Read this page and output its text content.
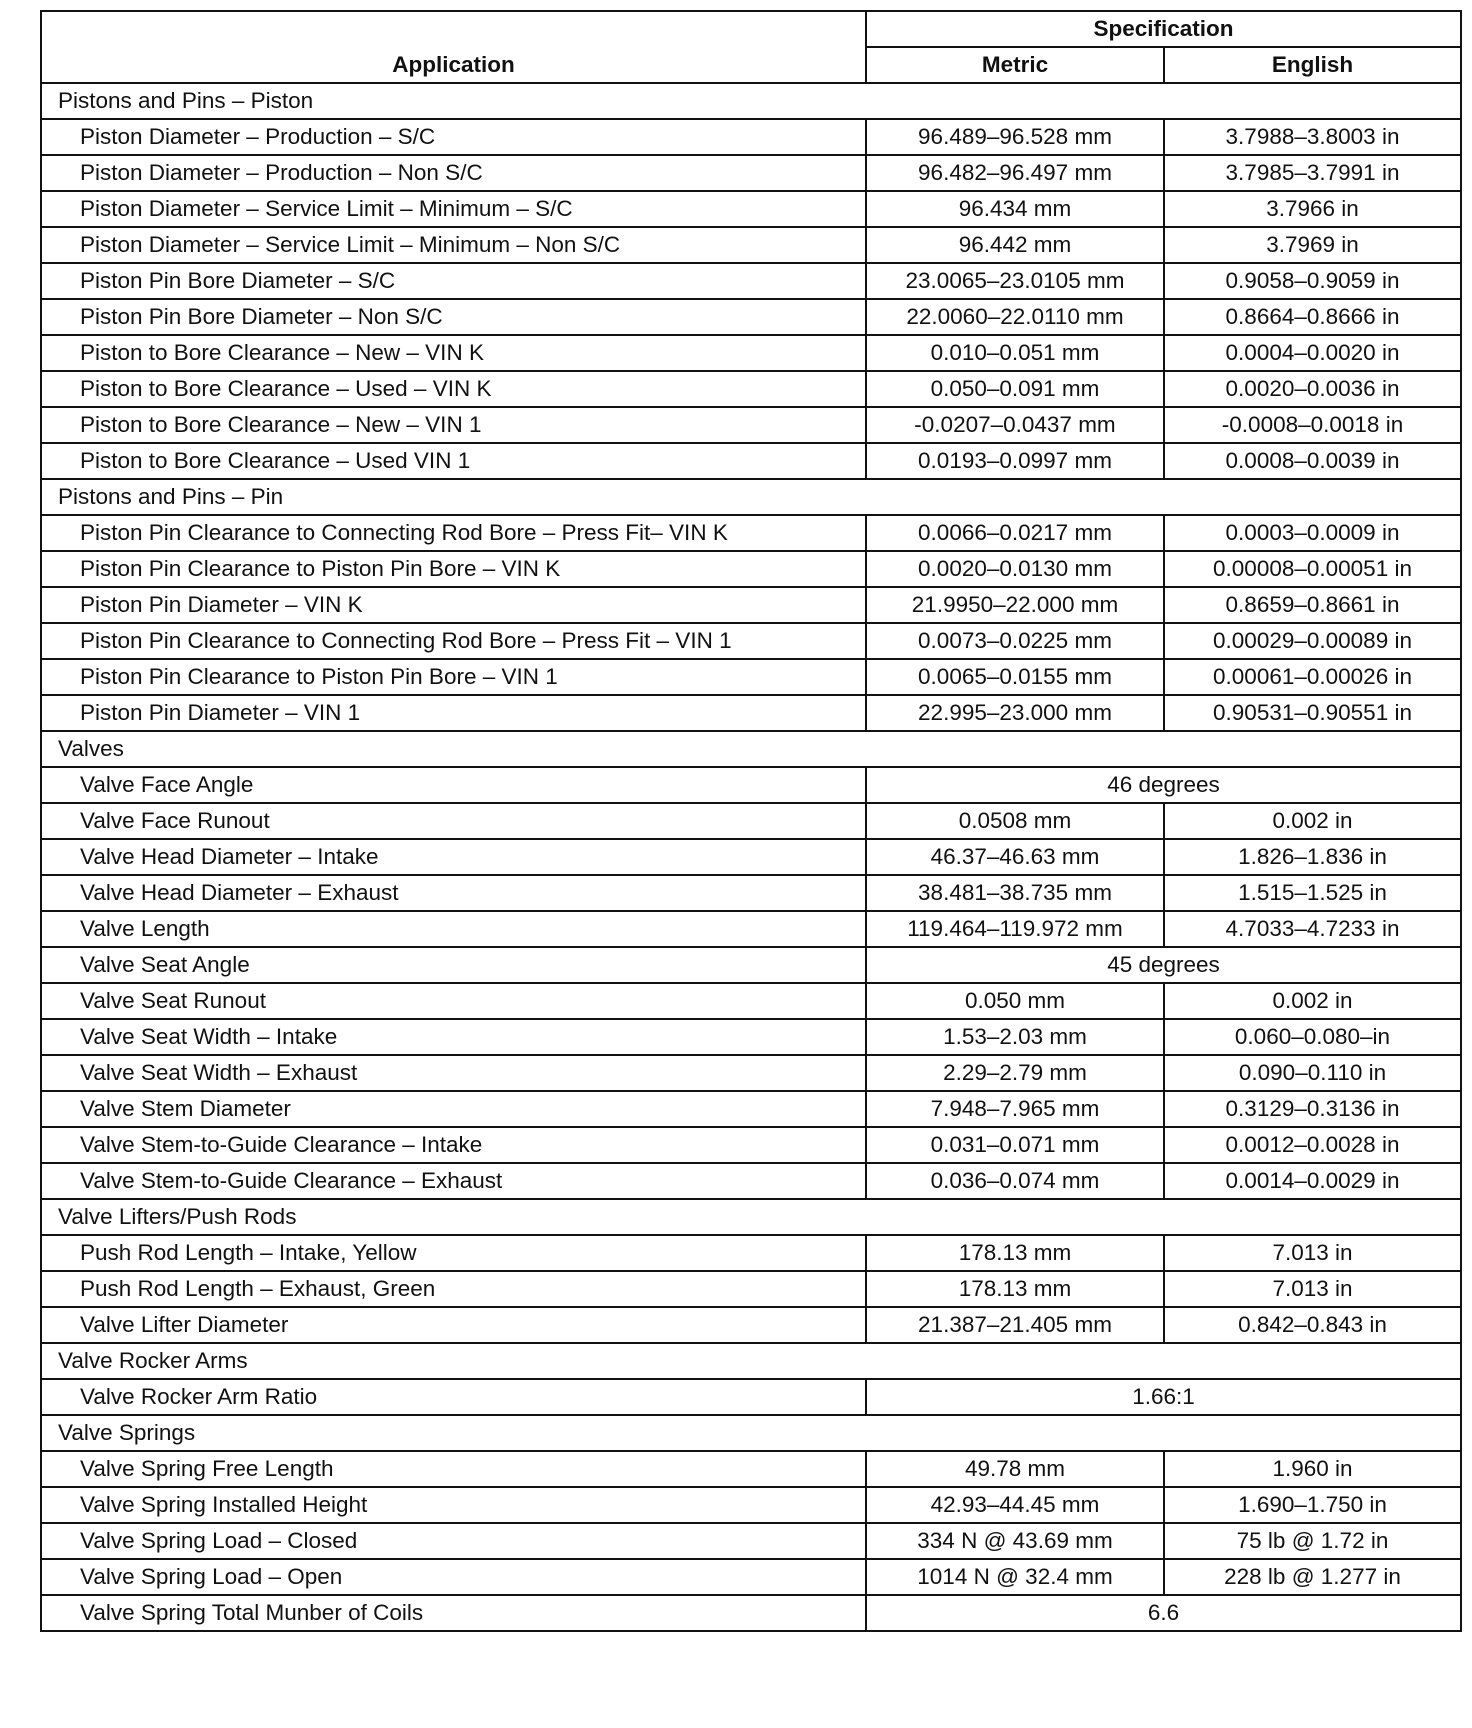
Application	Specification	
	Metric	English
Pistons and Pins – Piston		
Piston Diameter – Production – S/C	96.489–96.528 mm	3.7988–3.8003 in
Piston Diameter – Production – Non S/C	96.482–96.497 mm	3.7985–3.7991 in
Piston Diameter – Service Limit – Minimum – S/C	96.434 mm	3.7966 in
Piston Diameter – Service Limit – Minimum – Non S/C	96.442 mm	3.7969 in
Piston Pin Bore Diameter – S/C	23.0065–23.0105 mm	0.9058–0.9059 in
Piston Pin Bore Diameter – Non S/C	22.0060–22.0110 mm	0.8664–0.8666 in
Piston to Bore Clearance – New – VIN K	0.010–0.051 mm	0.0004–0.0020 in
Piston to Bore Clearance – Used – VIN K	0.050–0.091 mm	0.0020–0.0036 in
Piston to Bore Clearance – New – VIN 1	-0.0207–0.0437 mm	-0.0008–0.0018 in
Piston to Bore Clearance – Used VIN 1	0.0193–0.0997 mm	0.0008–0.0039 in
Pistons and Pins – Pin		
Piston Pin Clearance to Connecting Rod Bore – Press Fit– VIN K	0.0066–0.0217 mm	0.0003–0.0009 in
Piston Pin Clearance to Piston Pin Bore – VIN K	0.0020–0.0130 mm	0.00008–0.00051 in
Piston Pin Diameter – VIN K	21.9950–22.000 mm	0.8659–0.8661 in
Piston Pin Clearance to Connecting Rod Bore – Press Fit – VIN 1	0.0073–0.0225 mm	0.00029–0.00089 in
Piston Pin Clearance to Piston Pin Bore – VIN 1	0.0065–0.0155 mm	0.00061–0.00026 in
Piston Pin Diameter – VIN 1	22.995–23.000 mm	0.90531–0.90551 in
Valves		
Valve Face Angle	46 degrees	
Valve Face Runout	0.0508 mm	0.002 in
Valve Head Diameter – Intake	46.37–46.63 mm	1.826–1.836 in
Valve Head Diameter – Exhaust	38.481–38.735 mm	1.515–1.525 in
Valve Length	119.464–119.972 mm	4.7033–4.7233 in
Valve Seat Angle	45 degrees	
Valve Seat Runout	0.050 mm	0.002 in
Valve Seat Width – Intake	1.53–2.03 mm	0.060–0.080–in
Valve Seat Width – Exhaust	2.29–2.79 mm	0.090–0.110 in
Valve Stem Diameter	7.948–7.965 mm	0.3129–0.3136 in
Valve Stem-to-Guide Clearance – Intake	0.031–0.071 mm	0.0012–0.0028 in
Valve Stem-to-Guide Clearance – Exhaust	0.036–0.074 mm	0.0014–0.0029 in
Valve Lifters/Push Rods		
Push Rod Length – Intake, Yellow	178.13 mm	7.013 in
Push Rod Length – Exhaust, Green	178.13 mm	7.013 in
Valve Lifter Diameter	21.387–21.405 mm	0.842–0.843 in
Valve Rocker Arms		
Valve Rocker Arm Ratio	1.66:1	
Valve Springs		
Valve Spring Free Length	49.78 mm	1.960 in
Valve Spring Installed Height	42.93–44.45 mm	1.690–1.750 in
Valve Spring Load – Closed	334 N @ 43.69 mm	75 lb @ 1.72 in
Valve Spring Load – Open	1014 N @ 32.4 mm	228 lb @ 1.277 in
Valve Spring Total Munber of Coils	6.6	
